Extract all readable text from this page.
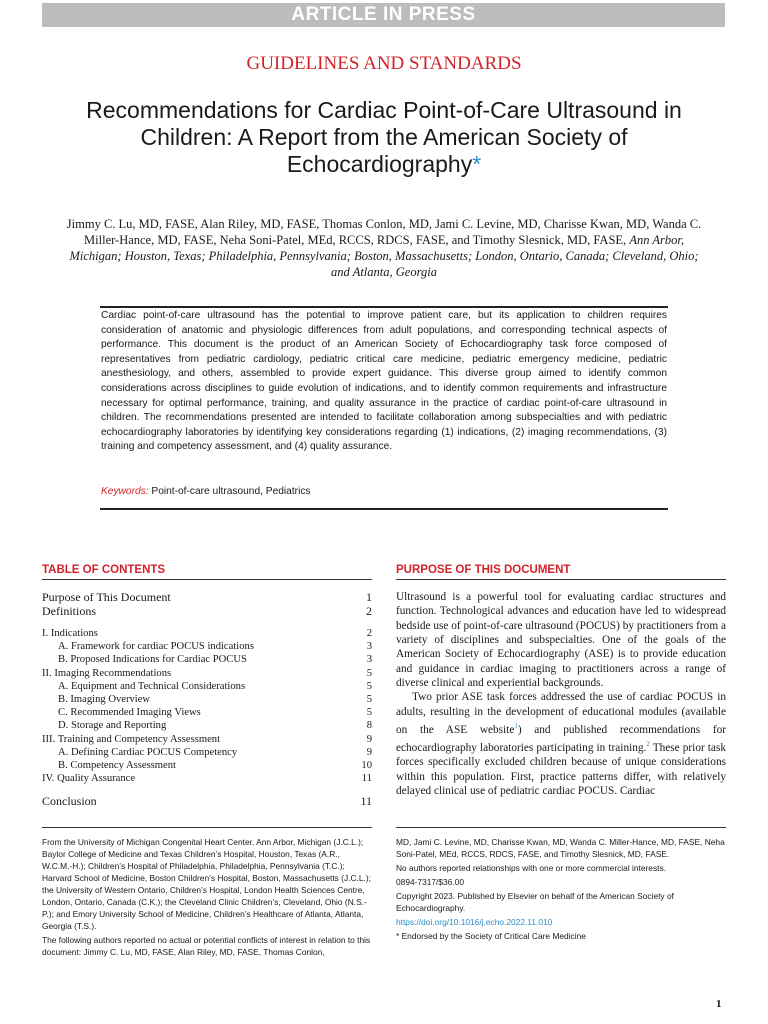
ARTICLE IN PRESS
GUIDELINES AND STANDARDS
Recommendations for Cardiac Point-of-Care Ultrasound in Children: A Report from the American Society of Echocardiography*
Jimmy C. Lu, MD, FASE, Alan Riley, MD, FASE, Thomas Conlon, MD, Jami C. Levine, MD, Charisse Kwan, MD, Wanda C. Miller-Hance, MD, FASE, Neha Soni-Patel, MEd, RCCS, RDCS, FASE, and Timothy Slesnick, MD, FASE, Ann Arbor, Michigan; Houston, Texas; Philadelphia, Pennsylvania; Boston, Massachusetts; London, Ontario, Canada; Cleveland, Ohio; and Atlanta, Georgia
Cardiac point-of-care ultrasound has the potential to improve patient care, but its application to children requires consideration of anatomic and physiologic differences from adult populations, and corresponding technical aspects of performance. This document is the product of an American Society of Echocardiography task force composed of representatives from pediatric cardiology, pediatric critical care medicine, pediatric emergency medicine, pediatric anesthesiology, and others, assembled to provide expert guidance. This diverse group aimed to identify common considerations across disciplines to guide evolution of indications, and to identify common requirements and infrastructure necessary for optimal performance, training, and quality assurance in the practice of cardiac point-of-care ultrasound in children. The recommendations presented are intended to facilitate collaboration among subspecialties and with pediatric echocardiography laboratories by identifying key considerations regarding (1) indications, (2) imaging recommendations, (3) training and competency assessment, and (4) quality assurance.
Keywords: Point-of-care ultrasound, Pediatrics
TABLE OF CONTENTS
Purpose of This Document	1
Definitions	2
I. Indications	2
A. Framework for cardiac POCUS indications	3
B. Proposed Indications for Cardiac POCUS	3
II. Imaging Recommendations	5
A. Equipment and Technical Considerations	5
B. Imaging Overview	5
C. Recommended Imaging Views	5
D. Storage and Reporting	8
III. Training and Competency Assessment	9
A. Defining Cardiac POCUS Competency	9
B. Competency Assessment	10
IV. Quality Assurance	11
Conclusion	11
PURPOSE OF THIS DOCUMENT

Ultrasound is a powerful tool for evaluating cardiac structures and function. Technological advances and education have led to widespread bedside use of point-of-care ultrasound (POCUS) by practitioners from a variety of disciplines and subspecialties. One of the goals of the American Society of Echocardiography (ASE) is to provide education and guidance in cardiac imaging to practitioners across a range of diverse clinical and experiential backgrounds.

Two prior ASE task forces addressed the use of cardiac POCUS in adults, resulting in the development of educational modules (available on the ASE website$^1$) and published recommendations for echocardiography laboratories participating in training.$^2$ These prior task forces specifically excluded children because of unique considerations within this population. First, practice patterns differ, with relatively delayed clinical use of pediatric cardiac POCUS. Cardiac

From the University of Michigan Congenital Heart Center, Ann Arbor, Michigan (J.C.L.); Baylor College of Medicine and Texas Children’s Hospital, Houston, Texas (A.R., W.C.M.-H.); Children’s Hospital of Philadelphia, Philadelphia, Pennsylvania (T.C.); Harvard School of Medicine, Boston Children’s Hospital, Boston, Massachusetts (J.C.L.); the University of Western Ontario, Children’s Hospital, London Health Sciences Centre, London, Ontario, Canada (C.K.); the Cleveland Clinic Children’s, Cleveland, Ohio (N.S.-P.); and Emory University School of Medicine, Children’s Healthcare of Atlanta, Atlanta, Georgia (T.S.).

The following authors reported no actual or potential conflicts of interest in relation to this document: Jimmy C. Lu, MD, FASE, Alan Riley, MD, FASE, Thomas Conlon,

MD, Jami C. Levine, MD, Charisse Kwan, MD, Wanda C. Miller-Hance, MD, FASE, Neha Soni-Patel, MEd, RCCS, RDCS, FASE, and Timothy Slesnick, MD, FASE.

No authors reported relationships with one or more commercial interests.

0894-7317/$36.00

Copyright 2023. Published by Elsevier on behalf of the American Society of Echocardiography.

https://doi.org/10.1016/j.echo.2022.11.010

* Endorsed by the Society of Critical Care Medicine

1
